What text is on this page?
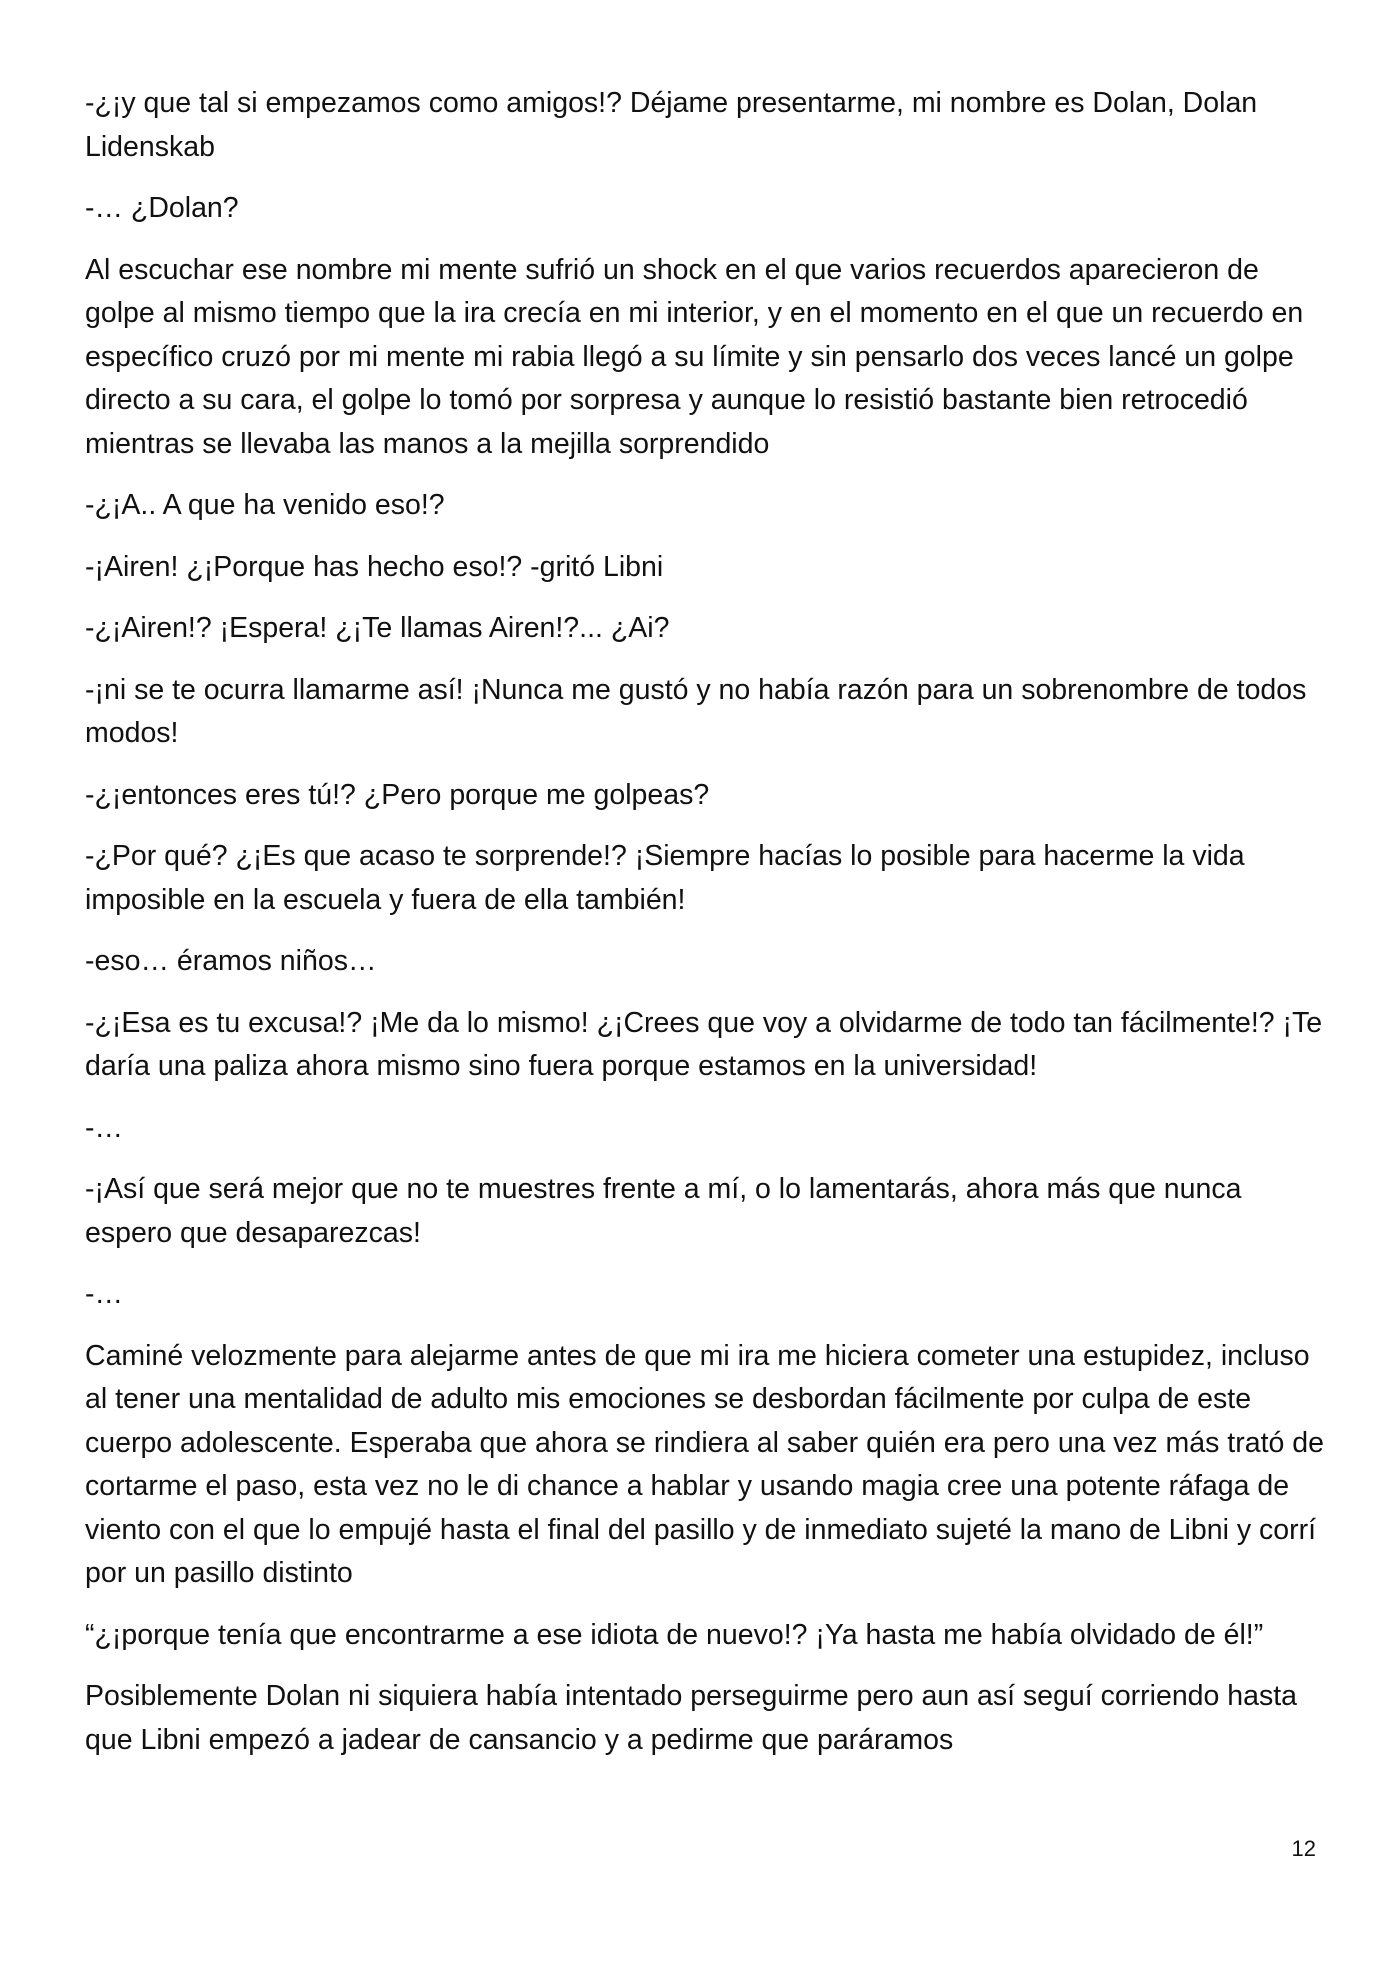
-¿¡y que tal si empezamos como amigos!? Déjame presentarme, mi nombre es Dolan, Dolan Lidenskab

-… ¿Dolan?

Al escuchar ese nombre mi mente sufrió un shock en el que varios recuerdos aparecieron de golpe al mismo tiempo que la ira crecía en mi interior, y en el momento en el que un recuerdo en específico cruzó por mi mente mi rabia llegó a su límite y sin pensarlo dos veces lancé un golpe directo a su cara, el golpe lo tomó por sorpresa y aunque lo resistió bastante bien retrocedió mientras se llevaba las manos a la mejilla sorprendido

-¿¡A.. A que ha venido eso!?

-¡Airen! ¿¡Porque has hecho eso!? -gritó Libni

-¿¡Airen!? ¡Espera! ¿¡Te llamas Airen!?... ¿Ai?

-¡ni se te ocurra llamarme así! ¡Nunca me gustó y no había razón para un sobrenombre de todos modos!

-¿¡entonces eres tú!? ¿Pero porque me golpeas?

-¿Por qué? ¿¡Es que acaso te sorprende!? ¡Siempre hacías lo posible para hacerme la vida imposible en la escuela y fuera de ella también!

-eso… éramos niños…

-¿¡Esa es tu excusa!? ¡Me da lo mismo! ¿¡Crees que voy a olvidarme de todo tan fácilmente!? ¡Te daría una paliza ahora mismo sino fuera porque estamos en la universidad!

-…

-¡Así que será mejor que no te muestres frente a mí, o lo lamentarás, ahora más que nunca espero que desaparezcas!

-…

Caminé velozmente para alejarme antes de que mi ira me hiciera cometer una estupidez, incluso al tener una mentalidad de adulto mis emociones se desbordan fácilmente por culpa de este cuerpo adolescente. Esperaba que ahora se rindiera al saber quién era pero una vez más trató de cortarme el paso, esta vez no le di chance a hablar y usando magia cree una potente ráfaga de viento con el que lo empujé hasta el final del pasillo y de inmediato sujeté la mano de Libni y corrí por un pasillo distinto

“¿¡porque tenía que encontrarme a ese idiota de nuevo!? ¡Ya hasta me había olvidado de él!”

Posiblemente Dolan ni siquiera había intentado perseguirme pero aun así seguí corriendo hasta que Libni empezó a jadear de cansancio y a pedirme que paráramos

12
